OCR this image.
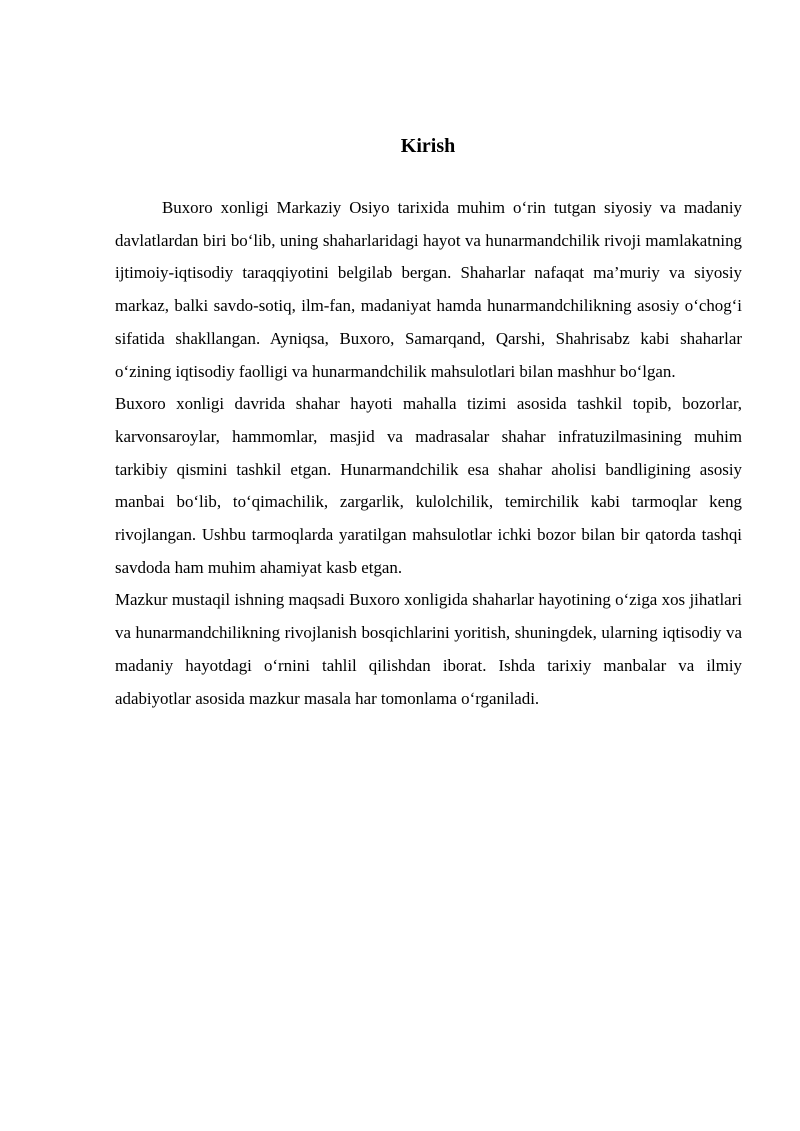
Kirish

Buxoro xonligi Markaziy Osiyo tarixida muhim o‘rin tutgan siyosiy va madaniy davlatlardan biri bo‘lib, uning shaharlaridagi hayot va hunarmandchilik rivoji mamlakatning ijtimoiy-iqtisodiy taraqqiyotini belgilab bergan. Shaharlar nafaqat ma’muriy va siyosiy markaz, balki savdo-sotiq, ilm-fan, madaniyat hamda hunarmandchilikning asosiy o‘chog‘i sifatida shakllangan. Ayniqsa, Buxoro, Samarqand, Qarshi, Shahrisabz kabi shaharlar o‘zining iqtisodiy faolligi va hunarmandchilik mahsulotlari bilan mashhur bo‘lgan.

Buxoro xonligi davrida shahar hayoti mahalla tizimi asosida tashkil topib, bozorlar, karvonsaroylar, hammomlar, masjid va madrasalar shahar infratuzilmasining muhim tarkibiy qismini tashkil etgan. Hunarmandchilik esa shahar aholisi bandligining asosiy manbai bo‘lib, to‘qimachilik, zargarlik, kulolchilik, temirchilik kabi tarmoqlar keng rivojlangan. Ushbu tarmoqlarda yaratilgan mahsulotlar ichki bozor bilan bir qatorda tashqi savdoda ham muhim ahamiyat kasb etgan.

Mazkur mustaqil ishning maqsadi Buxoro xonligida shaharlar hayotining o‘ziga xos jihatlari va hunarmandchilikning rivojlanish bosqichlarini yoritish, shuningdek, ularning iqtisodiy va madaniy hayotdagi o‘rnini tahlil qilishdan iborat. Ishda tarixiy manbalar va ilmiy adabiyotlar asosida mazkur masala har tomonlama o‘rganiladi.
